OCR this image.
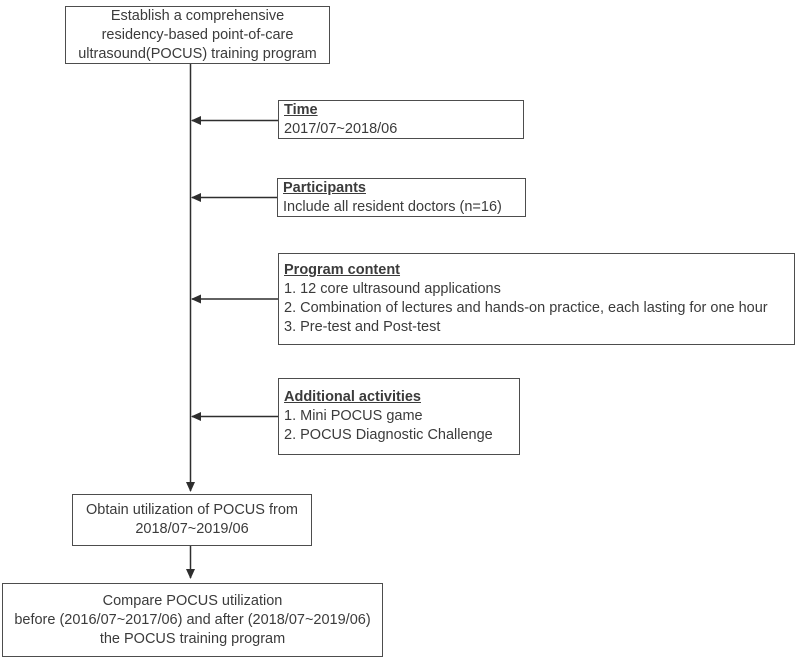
Establish a comprehensive
residency-based point-of-care
ultrasound(POCUS) training program
Time
2017/07~2018/06
Participants
Include all resident doctors (n=16)
Program content
1. 12 core ultrasound applications
2. Combination of lectures and hands-on practice, each lasting for one hour
3. Pre-test and Post-test
Additional activities
1. Mini POCUS game
2. POCUS Diagnostic Challenge
Obtain utilization of POCUS from
2018/07~2019/06
Compare POCUS utilization
before (2016/07~2017/06) and after (2018/07~2019/06)
the POCUS training program
